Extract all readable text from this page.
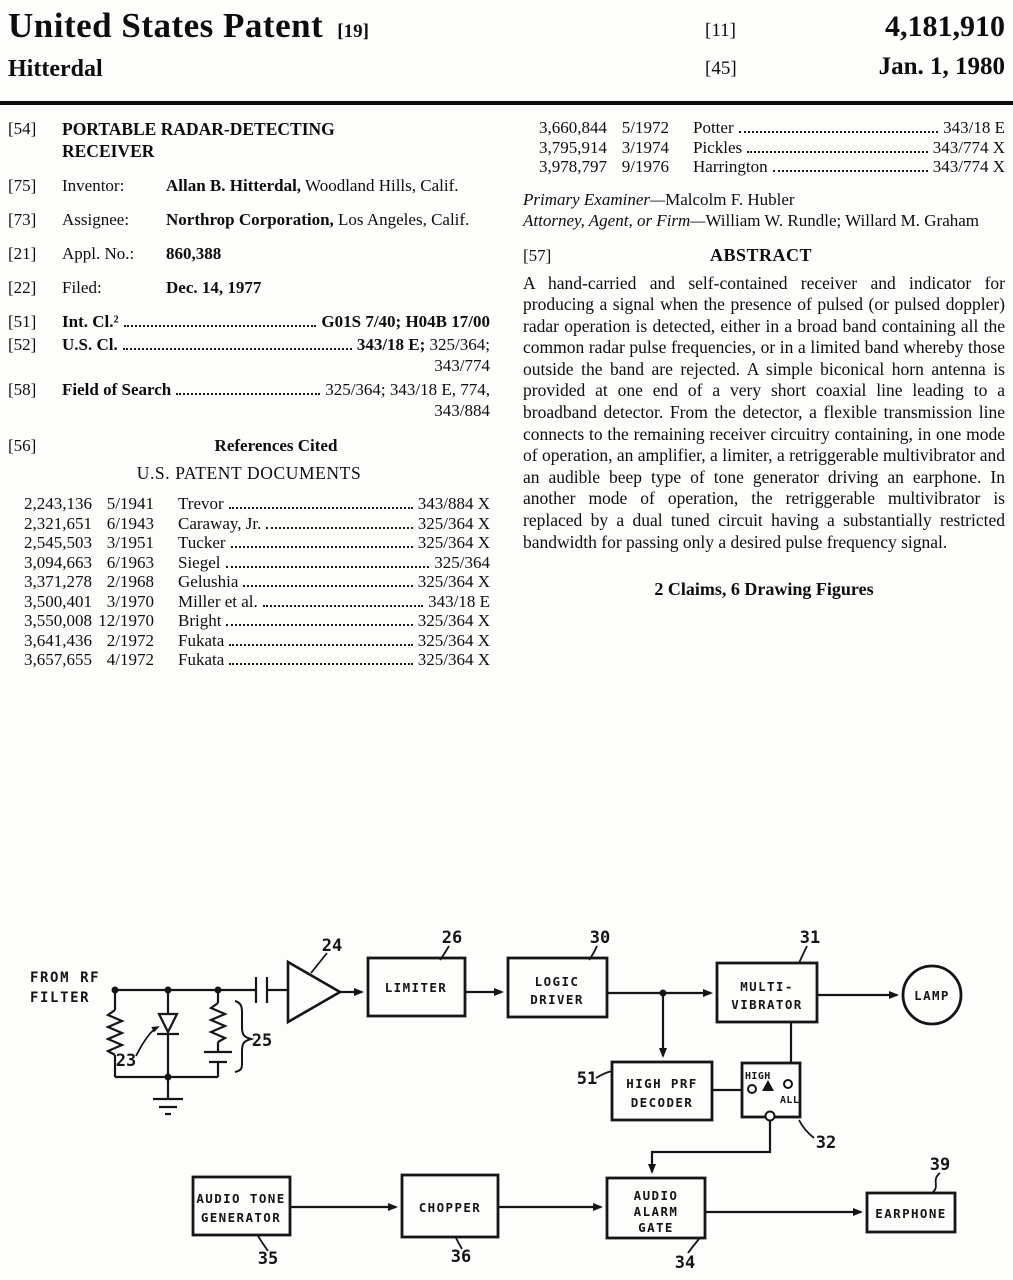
United States Patent [19]
Hitterdal
[11]	4,181,910
[45]	Jan. 1, 1980
[54]	PORTABLE RADAR-DETECTING RECEIVER
[75]	Inventor:	Allan B. Hitterdal, Woodland Hills, Calif.
[73]	Assignee:	Northrop Corporation, Los Angeles, Calif.
[21]	Appl. No.:	860,388
[22]	Filed:	Dec. 14, 1977
[51]	Int. Cl.²	G01S 7/40; H04B 17/00
[52]	U.S. Cl.	343/18 E; 325/364;
343/774
[58]	Field of Search	325/364; 343/18 E, 774,
343/884
[56]	References Cited
U.S. PATENT DOCUMENTS
2,243,136 5/1941	Trevor	343/884 X
2,321,651 6/1943	Caraway, Jr.	325/364 X
2,545,503 3/1951	Tucker	325/364 X
3,094,663 6/1963	Siegel	325/364
3,371,278 2/1968	Gelushia	325/364 X
3,500,401 3/1970	Miller et al.	343/18 E
3,550,008 12/1970	Bright	325/364 X
3,641,436 2/1972	Fukata	325/364 X
3,657,655 4/1972	Fukata	325/364 X
3,660,844 5/1972	Potter	343/18 E
3,795,914 3/1974	Pickles	343/774 X
3,978,797 9/1976	Harrington	343/774 X
Primary Examiner—Malcolm F. Hubler
Attorney, Agent, or Firm—William W. Rundle; Willard M. Graham
[57]	ABSTRACT

A hand-carried and self-contained receiver and indicator for producing a signal when the presence of pulsed (or pulsed doppler) radar operation is detected, either in a broad band containing all the common radar pulse frequencies, or in a limited band whereby those outside the band are rejected. A simple biconical horn antenna is provided at one end of a very short coaxial line leading to a broadband detector. From the detector, a flexible transmission line connects to the remaining receiver circuitry containing, in one mode of operation, an amplifier, a limiter, a retriggerable multivibrator and an audible beep type of tone generator driving an earphone. In another mode of operation, the retriggerable multivibrator is replaced by a dual tuned circuit having a substantially restricted bandwidth for passing only a desired pulse frequency signal.

2 Claims, 6 Drawing Figures
FROM RF
FILTER
HIGH
ALL
LIMITER	LOGIC
DRIVER
MULTI-
VIBRATOR
LAMP
HIGH PRF
DECODER
AUDIO TONE
GENERATOR
CHOPPER
AUDIO
ALARM
GATE
EARPHONE
23
24
25
26	30	31
32
34
35	36
39
51
